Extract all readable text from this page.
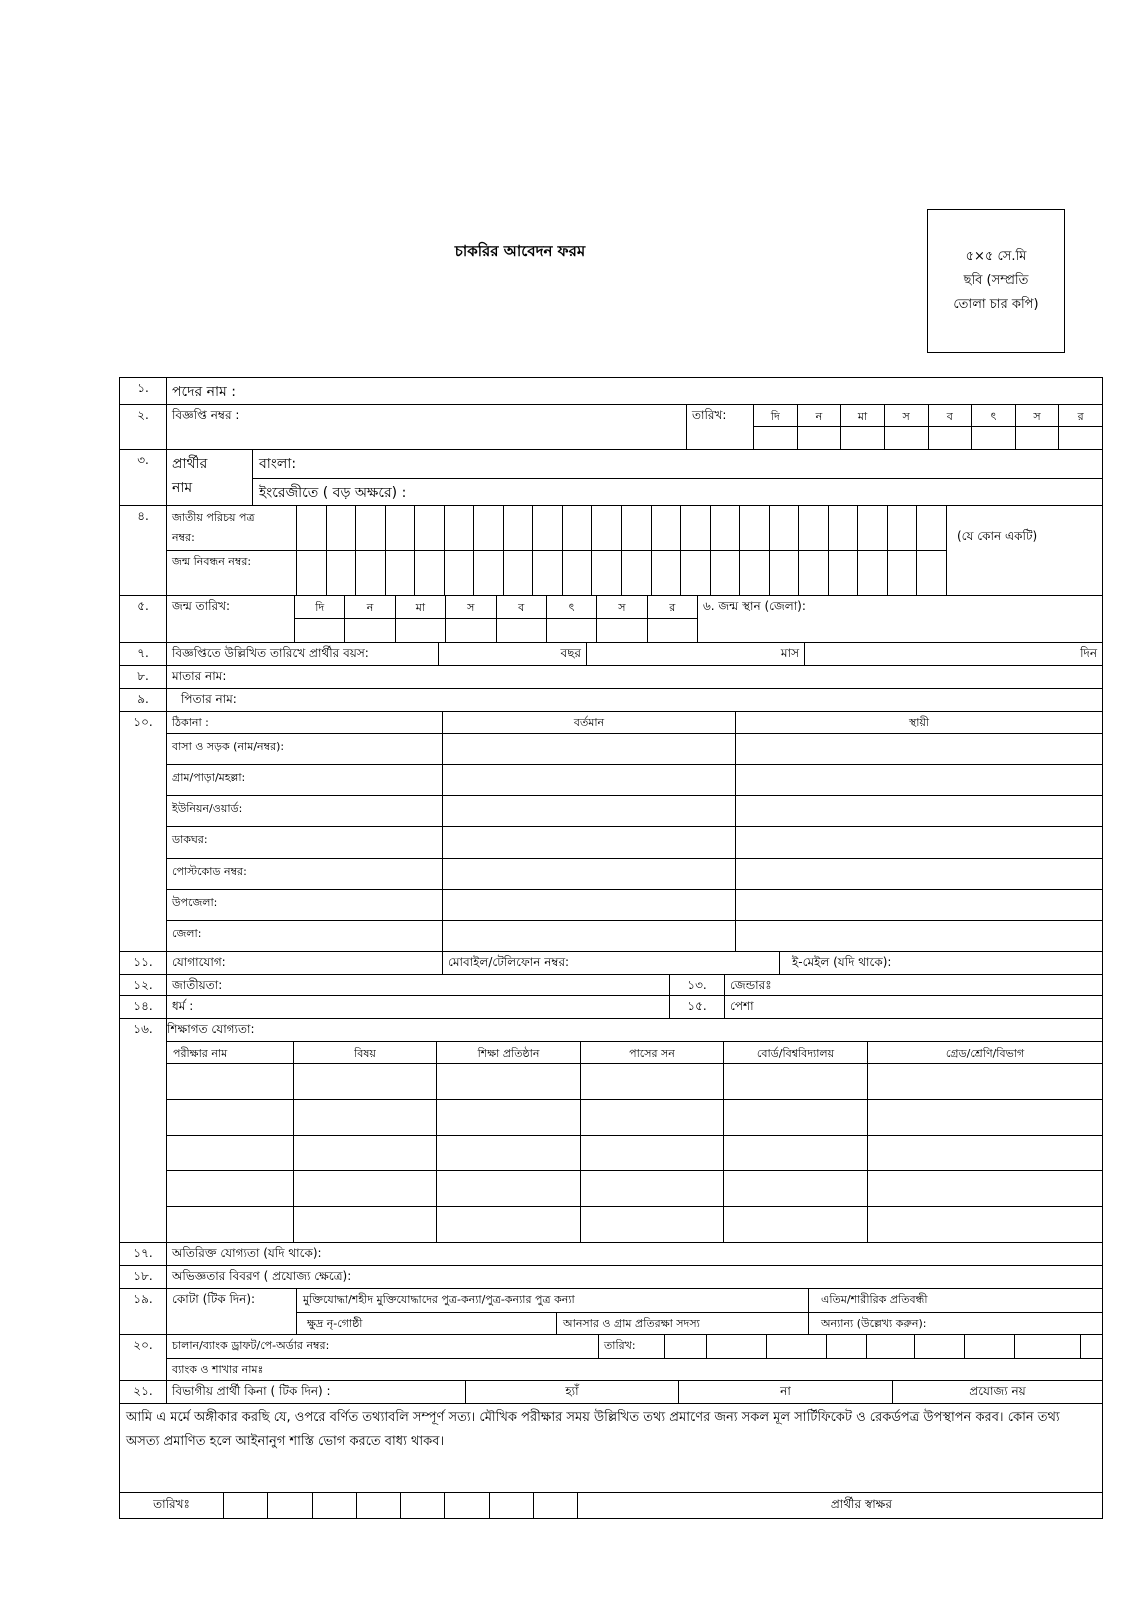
চাকরির আবেদন ফরম	৫×৫ সে.মি
ছবি (সম্প্রতি
তোলা চার কপি)
১.	পদের নাম :
২.	বিজ্ঞপ্তি নম্বর :	তারিখ:	দি	ন	মা	স	ব	ৎ	স	র
৩.	প্রার্থীর
নাম
বাংলা:
ইংরেজীতে ( বড় অক্ষরে) :
৪.	জাতীয় পরিচয় পত্র
নম্বর:
জন্ম নিবন্ধন নম্বর:
(যে কোন একটি)
৫.	জন্ম তারিখ:	দি	ন	মা	স	ব	ৎ	স	র	৬. জন্ম স্থান (জেলা):
৭.	বিজ্ঞপ্তিতে উল্লিখিত তারিখে প্রার্থীর বয়স:	বছর	মাস	দিন
৮.	মাতার নাম:
৯.	পিতার নাম:
১০.	ঠিকানা :	বর্তমান	স্থায়ী
বাসা ও সড়ক (নাম/নম্বর):
গ্রাম/পাড়া/মহল্লা:
ইউনিয়ন/ওয়ার্ড:
ডাকঘর:
পোস্টকোড নম্বর:
উপজেলা:
জেলা:
১১.	যোগাযোগ:	মোবাইল/টেলিফোন নম্বর:	ই-মেইল (যদি থাকে):
১২.	জাতীয়তা:	১৩.	জেন্ডারঃ
১৪.	ধর্ম :	১৫.	পেশা
১৬.	শিক্ষাগত যোগ্যতা:
পরীক্ষার নাম	বিষয়	শিক্ষা প্রতিষ্ঠান	পাসের সন	বোর্ড/বিশ্ববিদ্যালয়	গ্রেড/শ্রেণি/বিভাগ
১৭.	অতিরিক্ত যোগ্যতা (যদি থাকে):
১৮.	অভিজ্ঞতার বিবরণ ( প্রযোজ্য ক্ষেত্রে):
১৯.	কোটা (টিক দিন):	মুক্তিযোদ্ধা/শহীদ মুক্তিযোদ্ধাদের পুত্র-কন্যা/পুত্র-কন্যার পুত্র কন্যা	এতিম/শারীরিক প্রতিবন্ধী
ক্ষুদ্র নৃ-গোষ্ঠী	আনসার ও গ্রাম প্রতিরক্ষা সদস্য	অন্যান্য (উল্লেখ্য করুন):
২০.	চালান/ব্যাংক ড্রাফট/পে-অর্ডার নম্বর:	তারিখ:
ব্যাংক ও শাখার নামঃ
২১.	বিভাগীয় প্রার্থী কিনা ( টিক দিন) :	হ্যাঁ	না	প্রযোজ্য নয়
আমি এ মর্মে অঙ্গীকার করছি যে, ওপরে বর্ণিত তথ্যাবলি সম্পূর্ণ সত্য। মৌখিক পরীক্ষার সময় উল্লিখিত তথ্য প্রমাণের জন্য সকল মূল সার্টিফিকেট ও রেকর্ডপত্র উপস্থাপন করব। কোন তথ্য অসত্য প্রমাণিত হলে আইনানুগ শাস্তি ভোগ করতে বাধ্য থাকব।
তারিখঃ	প্রার্থীর স্বাক্ষর
